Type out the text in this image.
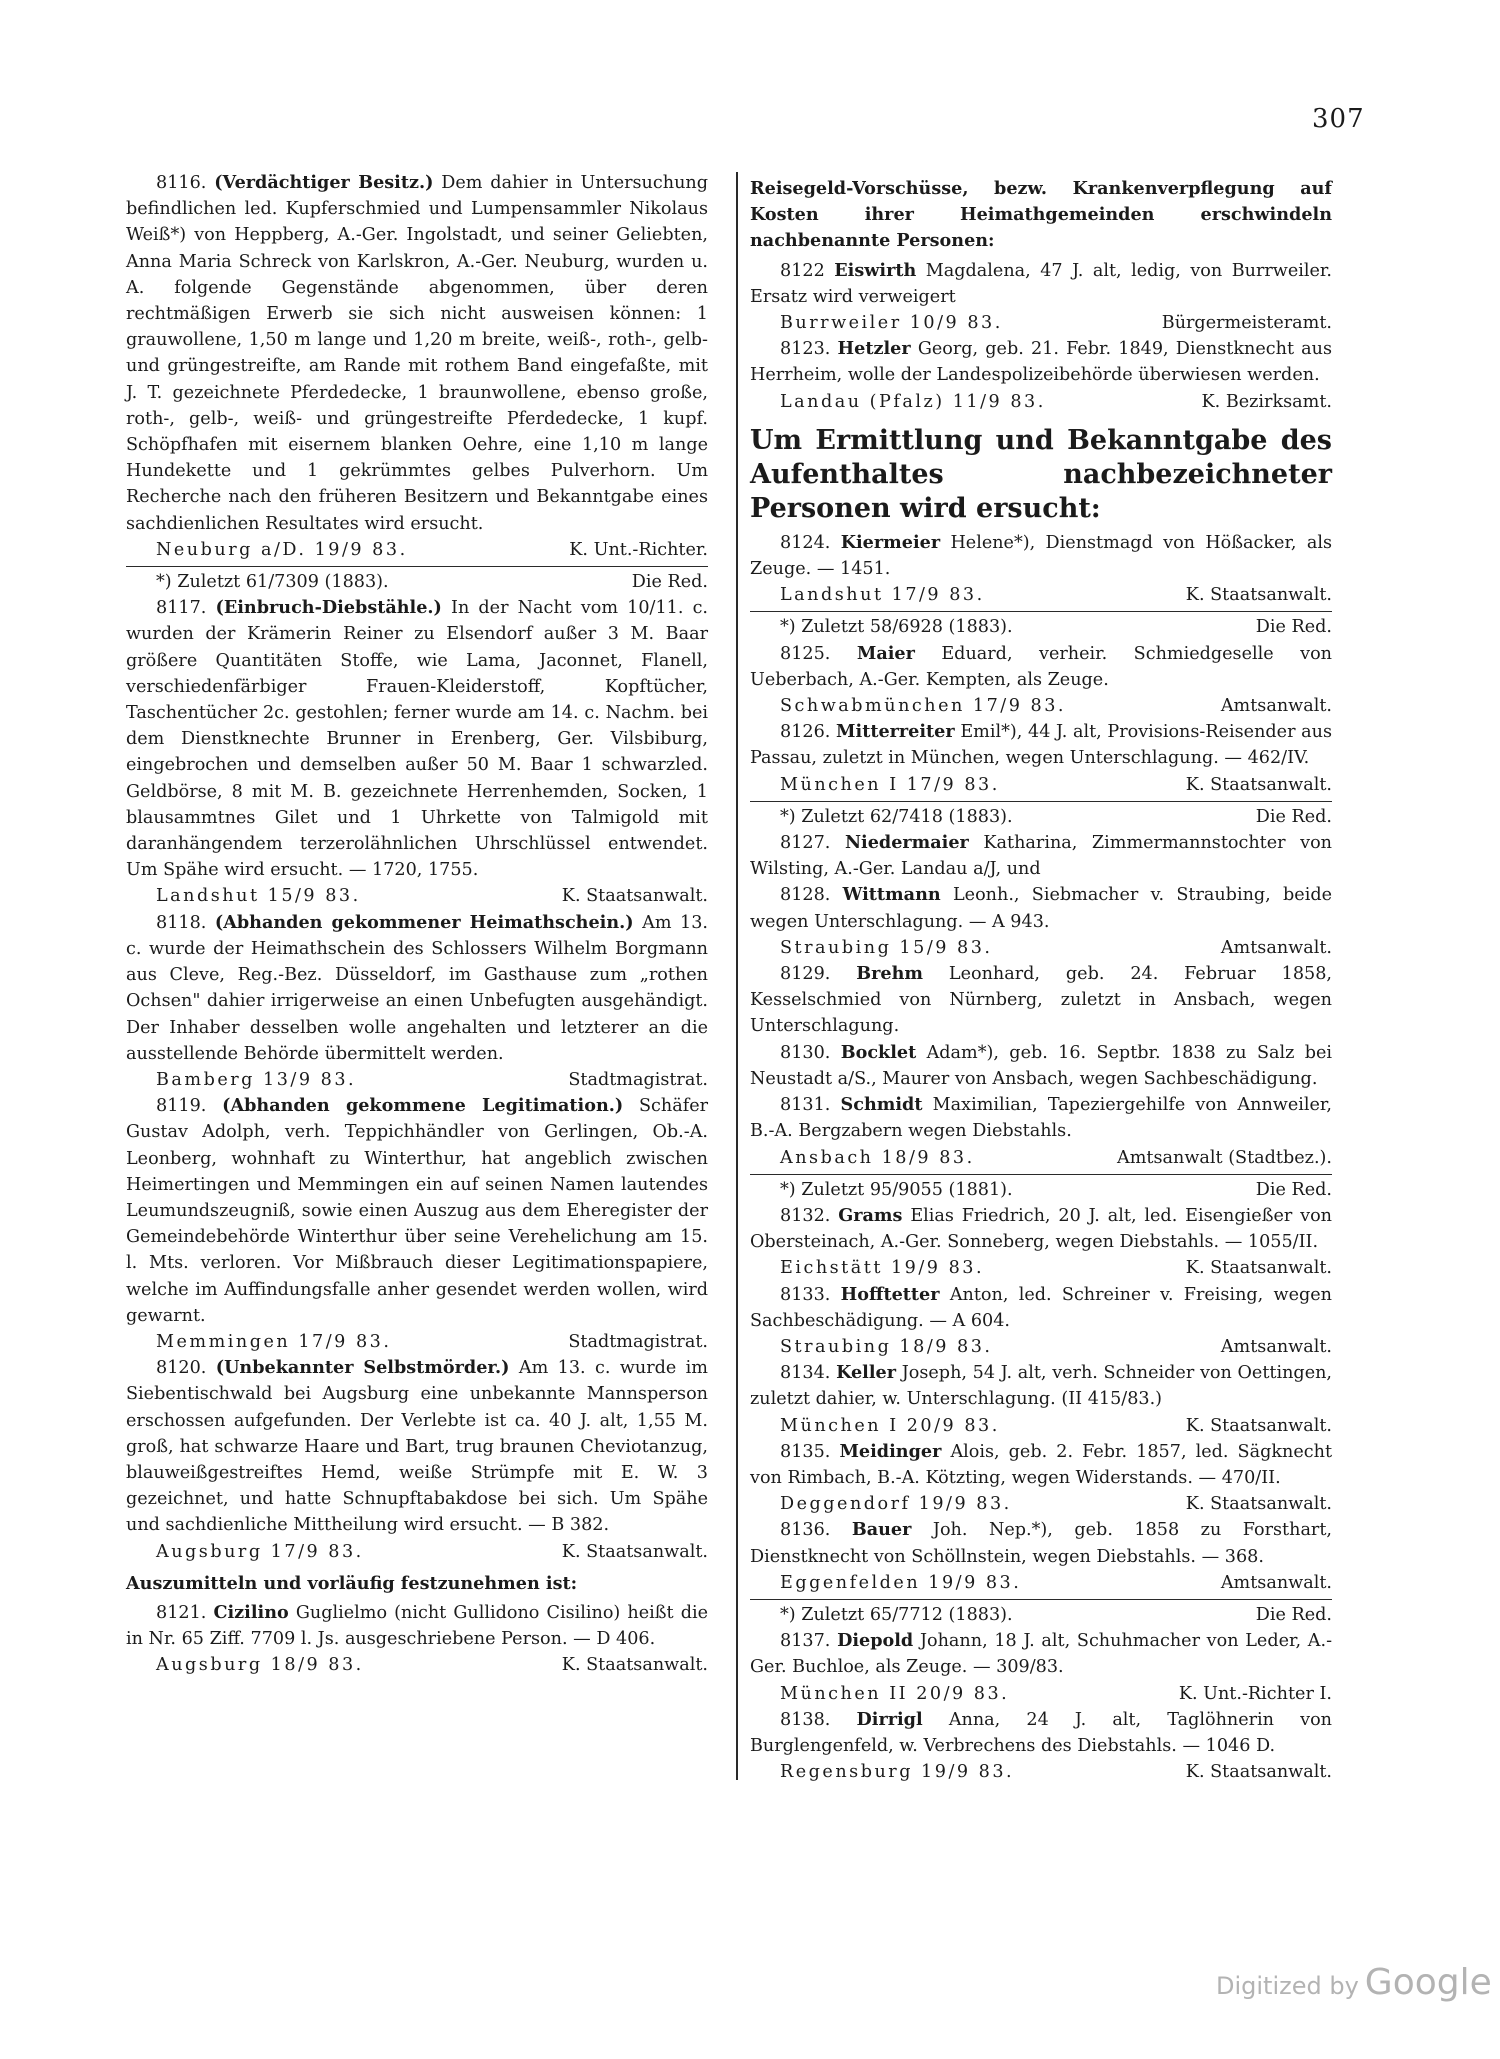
307

8116. (Verdächtiger Besitz.) Dem dahier in Untersuchung befindlichen led. Kupferschmied und Lumpensammler Nikolaus Weiß*) von Heppberg, A.-Ger. Ingolstadt, und seiner Geliebten, Anna Maria Schreck von Karlskron, A.-Ger. Neuburg, wurden u. A. folgende Gegenstände abgenommen, über deren rechtmäßigen Erwerb sie sich nicht ausweisen können: 1 grauwollene, 1,50 m lange und 1,20 m breite, weiß-, roth-, gelb- und grüngestreifte, am Rande mit rothem Band eingefaßte, mit J. T. gezeichnete Pferdedecke, 1 braunwollene, ebenso große, roth-, gelb-, weiß- und grüngestreifte Pferdedecke, 1 kupf. Schöpfhafen mit eisernem blanken Oehre, eine 1,10 m lange Hundekette und 1 gekrümmtes gelbes Pulverhorn. Um Recherche nach den früheren Besitzern und Bekanntgabe eines sachdienlichen Resultates wird ersucht.

Neuburg a/D. 19/9 83.	K. Unt.-Richter.
*) Zuletzt 61/7309 (1883).	Die Red.

8117. (Einbruch-Diebstähle.) In der Nacht vom 10/11. c. wurden der Krämerin Reiner zu Elsendorf außer 3 M. Baar größere Quantitäten Stoffe, wie Lama, Jaconnet, Flanell, verschiedenfärbiger Frauen-Kleiderstoff, Kopftücher, Taschentücher 2c. gestohlen; ferner wurde am 14. c. Nachm. bei dem Dienstknechte Brunner in Erenberg, Ger. Vilsbiburg, eingebrochen und demselben außer 50 M. Baar 1 schwarzled. Geldbörse, 8 mit M. B. gezeichnete Herrenhemden, Socken, 1 blausammtnes Gilet und 1 Uhrkette von Talmigold mit daranhängendem terzerolähnlichen Uhrschlüssel entwendet. Um Spähe wird ersucht. — 1720, 1755.

Landshut 15/9 83.	K. Staatsanwalt.

8118. (Abhanden gekommener Heimathschein.) Am 13. c. wurde der Heimathschein des Schlossers Wilhelm Borgmann aus Cleve, Reg.-Bez. Düsseldorf, im Gasthause zum „rothen Ochsen" dahier irrigerweise an einen Unbefugten ausgehändigt. Der Inhaber desselben wolle angehalten und letzterer an die ausstellende Behörde übermittelt werden.

Bamberg 13/9 83.	Stadtmagistrat.

8119. (Abhanden gekommene Legitimation.) Schäfer Gustav Adolph, verh. Teppichhändler von Gerlingen, Ob.-A. Leonberg, wohnhaft zu Winterthur, hat angeblich zwischen Heimertingen und Memmingen ein auf seinen Namen lautendes Leumundszeugniß, sowie einen Auszug aus dem Eheregister der Gemeindebehörde Winterthur über seine Verehelichung am 15. l. Mts. verloren. Vor Mißbrauch dieser Legitimationspapiere, welche im Auffindungsfalle anher gesendet werden wollen, wird gewarnt.

Memmingen 17/9 83.	Stadtmagistrat.

8120. (Unbekannter Selbstmörder.) Am 13. c. wurde im Siebentischwald bei Augsburg eine unbekannte Mannsperson erschossen aufgefunden. Der Verlebte ist ca. 40 J. alt, 1,55 M. groß, hat schwarze Haare und Bart, trug braunen Cheviotanzug, blauweißgestreiftes Hemd, weiße Strümpfe mit E. W. 3 gezeichnet, und hatte Schnupftabakdose bei sich. Um Spähe und sachdienliche Mittheilung wird ersucht. — B 382.

Augsburg 17/9 83.	K. Staatsanwalt.

Auszumitteln und vorläufig festzunehmen ist:

8121. Cizilino Guglielmo (nicht Gullidono Cisilino) heißt die in Nr. 65 Ziff. 7709 l. Js. ausgeschriebene Person. — D 406.

Augsburg 18/9 83.	K. Staatsanwalt.

Reisegeld-Vorschüsse, bezw. Krankenverpflegung auf Kosten ihrer Heimathgemeinden erschwindeln nachbenannte Personen:

8122 Eiswirth Magdalena, 47 J. alt, ledig, von Burrweiler. Ersatz wird verweigert

Burrweiler 10/9 83.	Bürgermeisteramt.

8123. Hetzler Georg, geb. 21. Febr. 1849, Dienstknecht aus Herrheim, wolle der Landespolizeibehörde überwiesen werden.

Landau (Pfalz) 11/9 83.	K. Bezirksamt.

Um Ermittlung und Bekanntgabe des Aufenthaltes nachbezeichneter Personen wird ersucht:

8124. Kiermeier Helene*), Dienstmagd von Hößacker, als Zeuge. — 1451.

Landshut 17/9 83.	K. Staatsanwalt.
*) Zuletzt 58/6928 (1883).	Die Red.

8125. Maier Eduard, verheir. Schmiedgeselle von Ueberbach, A.-Ger. Kempten, als Zeuge.

Schwabmünchen 17/9 83.	Amtsanwalt.

8126. Mitterreiter Emil*), 44 J. alt, Provisions-Reisender aus Passau, zuletzt in München, wegen Unterschlagung. — 462/IV.

München I 17/9 83.	K. Staatsanwalt.
*) Zuletzt 62/7418 (1883).	Die Red.

8127. Niedermaier Katharina, Zimmermannstochter von Wilsting, A.-Ger. Landau a/J, und

8128. Wittmann Leonh., Siebmacher v. Straubing, beide wegen Unterschlagung. — A 943.

Straubing 15/9 83.	Amtsanwalt.

8129. Brehm Leonhard, geb. 24. Februar 1858, Kesselschmied von Nürnberg, zuletzt in Ansbach, wegen Unterschlagung.

8130. Bocklet Adam*), geb. 16. Septbr. 1838 zu Salz bei Neustadt a/S., Maurer von Ansbach, wegen Sachbeschädigung.

8131. Schmidt Maximilian, Tapeziergehilfe von Annweiler, B.-A. Bergzabern wegen Diebstahls.

Ansbach 18/9 83.	Amtsanwalt (Stadtbez.).
*) Zuletzt 95/9055 (1881).	Die Red.

8132. Grams Elias Friedrich, 20 J. alt, led. Eisengießer von Obersteinach, A.-Ger. Sonneberg, wegen Diebstahls. — 1055/II.

Eichstätt 19/9 83.	K. Staatsanwalt.

8133. Hofftetter Anton, led. Schreiner v. Freising, wegen Sachbeschädigung. — A 604.

Straubing 18/9 83.	Amtsanwalt.

8134. Keller Joseph, 54 J. alt, verh. Schneider von Oettingen, zuletzt dahier, w. Unterschlagung. (II 415/83.)

München I 20/9 83.	K. Staatsanwalt.

8135. Meidinger Alois, geb. 2. Febr. 1857, led. Sägknecht von Rimbach, B.-A. Kötzting, wegen Widerstands. — 470/II.

Deggendorf 19/9 83.	K. Staatsanwalt.

8136. Bauer Joh. Nep.*), geb. 1858 zu Forsthart, Dienstknecht von Schöllnstein, wegen Diebstahls. — 368.

Eggenfelden 19/9 83.	Amtsanwalt.
*) Zuletzt 65/7712 (1883).	Die Red.

8137. Diepold Johann, 18 J. alt, Schuhmacher von Leder, A.-Ger. Buchloe, als Zeuge. — 309/83.

München II 20/9 83.	K. Unt.-Richter I.

8138. Dirrigl Anna, 24 J. alt, Taglöhnerin von Burglengenfeld, w. Verbrechens des Diebstahls. — 1046 D.

Regensburg 19/9 83.	K. Staatsanwalt.
Digitized by Google
